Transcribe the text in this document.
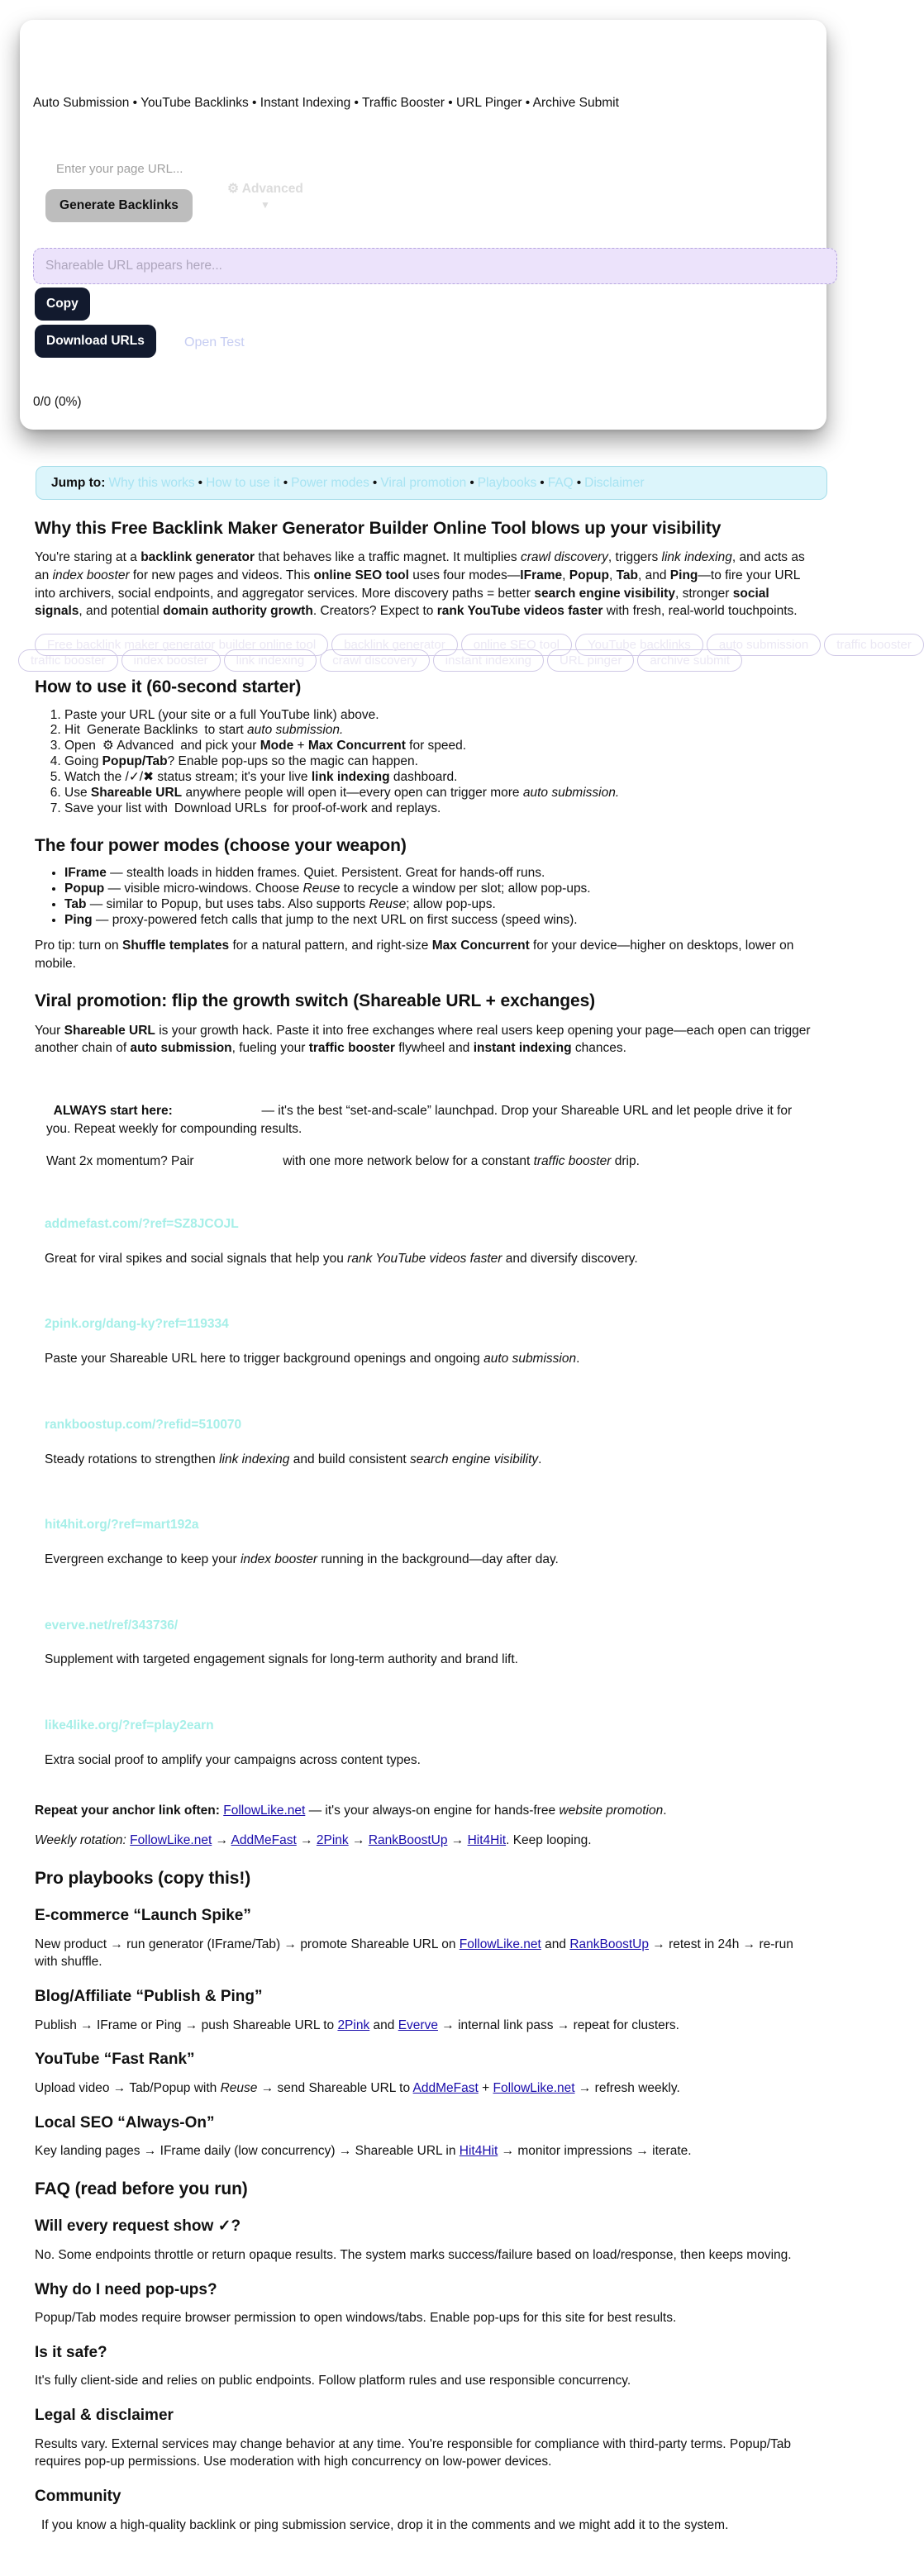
Auto Submission • YouTube Backlinks • Instant Indexing • Traffic Booster • URL Pinger • Archive Submit
Enter your page URL...
Generate Backlinks
⚙ Advanced
▼
Shareable URL appears here...
Copy
Download URLs	Open Test
0/0 (0%)
Jump to: Why this works • How to use it • Power modes • Viral promotion • Playbooks • FAQ • Disclaimer
Why this Free Backlink Maker Generator Builder Online Tool blows up your visibility

You're staring at a backlink generator that behaves like a traffic magnet. It multiplies crawl discovery, triggers link indexing, and acts as an index booster for new pages and videos. This online SEO tool uses four modes—IFrame, Popup, Tab, and Ping—to fire your URL into archivers, social endpoints, and aggregator services. More discovery paths = better search engine visibility, stronger social signals, and potential domain authority growth. Creators? Expect to rank YouTube videos faster with fresh, real-world touchpoints.

traffic booster	index booster	link indexing	crawl discovery	instant indexing	URL pinger	archive submit
Free backlink maker generator builder online tool	backlink generator	online SEO tool	YouTube backlinks	auto submission	traffic booster
How to use it (60-second starter)
1. Paste your URL (your site or a full YouTube link) above.
2. Hit Generate Backlinks to start auto submission.
3. Open ⚙ Advanced and pick your Mode + Max Concurrent for speed.
4. Going Popup/Tab? Enable pop-ups so the magic can happen.
5. Watch the /✓/✖ status stream; it's your live link indexing dashboard.
6. Use Shareable URL anywhere people will open it—every open can trigger more auto submission.
7. Save your list with Download URLs for proof-of-work and replays.
The four power modes (choose your weapon)
• IFrame — stealth loads in hidden frames. Quiet. Persistent. Great for hands-off runs.
• Popup — visible micro-windows. Choose Reuse to recycle a window per slot; allow pop-ups.
• Tab — similar to Popup, but uses tabs. Also supports Reuse; allow pop-ups.
• Ping — proxy-powered fetch calls that jump to the next URL on first success (speed wins).

Pro tip: turn on Shuffle templates for a natural pattern, and right-size Max Concurrent for your device—higher on desktops, lower on mobile.

Viral promotion: flip the growth switch (Shareable URL + exchanges)

Your Shareable URL is your growth hack. Paste it into free exchanges where real users keep opening your page—each open can trigger another chain of auto submission, fueling your traffic booster flywheel and instant indexing chances.

ALWAYS start here: FollowLike.net — it's the best “set-and-scale” launchpad. Drop your Shareable URL and let people drive it for you. Repeat weekly for compounding results.

Want 2x momentum? Pair FollowLike.net with one more network below for a constant traffic booster drip.

addmefast.com/?ref=SZ8JCOJL

Great for viral spikes and social signals that help you rank YouTube videos faster and diversify discovery.

2pink.org/dang-ky?ref=119334

Paste your Shareable URL here to trigger background openings and ongoing auto submission.

rankboostup.com/?refid=510070

Steady rotations to strengthen link indexing and build consistent search engine visibility.

hit4hit.org/?ref=mart192a

Evergreen exchange to keep your index booster running in the background—day after day.

everve.net/ref/343736/

Supplement with targeted engagement signals for long-term authority and brand lift.

like4like.org/?ref=play2earn

Extra social proof to amplify your campaigns across content types.

Repeat your anchor link often: FollowLike.net — it's your always-on engine for hands-free website promotion.

Weekly rotation: FollowLike.net → AddMeFast → 2Pink → RankBoostUp → Hit4Hit. Keep looping.

Pro playbooks (copy this!)
E-commerce “Launch Spike”

New product → run generator (IFrame/Tab) → promote Shareable URL on FollowLike.net and RankBoostUp → retest in 24h → re-run with shuffle.

Blog/Affiliate “Publish & Ping”

Publish → IFrame or Ping → push Shareable URL to 2Pink and Everve → internal link pass → repeat for clusters.

YouTube “Fast Rank”

Upload video → Tab/Popup with Reuse → send Shareable URL to AddMeFast + FollowLike.net → refresh weekly.

Local SEO “Always-On”

Key landing pages → IFrame daily (low concurrency) → Shareable URL in Hit4Hit → monitor impressions → iterate.

FAQ (read before you run)
Will every request show ✓?

No. Some endpoints throttle or return opaque results. The system marks success/failure based on load/response, then keeps moving.

Why do I need pop-ups?

Popup/Tab modes require browser permission to open windows/tabs. Enable pop-ups for this site for best results.

Is it safe?

It's fully client-side and relies on public endpoints. Follow platform rules and use responsible concurrency.

Legal & disclaimer

Results vary. External services may change behavior at any time. You're responsible for compliance with third-party terms. Popup/Tab requires pop-up permissions. Use moderation with high concurrency on low-power devices.

Community

If you know a high-quality backlink or ping submission service, drop it in the comments and we might add it to the system.
